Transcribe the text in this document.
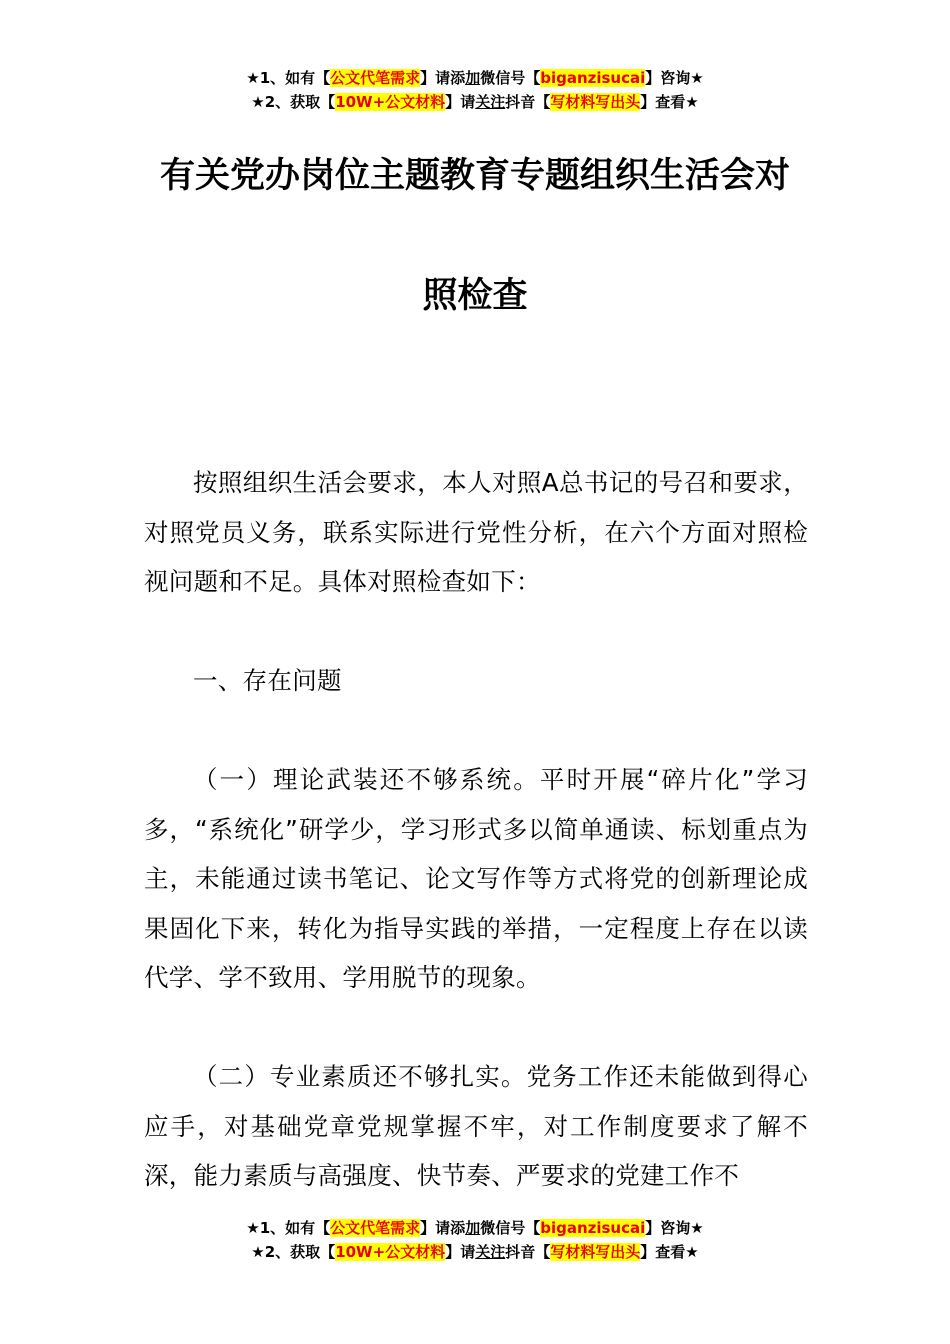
★1、如有【公文代笔需求】请添加微信号【biganzisucai】咨询★
★2、获取【10W+公文材料】请关注抖音【写材料写出头】查看★
有关党办岗位主题教育专题组织生活会对
照检查

按照组织生活会要求，本人对照A总书记的号召和要求，对照党员义务，联系实际进行党性分析，在六个方面对照检视问题和不足。具体对照检查如下：

一、存在问题

（一）理论武装还不够系统。平时开展“碎片化”学习多，“系统化”研学少，学习形式多以简单通读、标划重点为主，未能通过读书笔记、论文写作等方式将党的创新理论成果固化下来，转化为指导实践的举措，一定程度上存在以读代学、学不致用、学用脱节的现象。

（二）专业素质还不够扎实。党务工作还未能做到得心应手，对基础党章党规掌握不牢，对工作制度要求了解不深，能力素质与高强度、快节奏、严要求的党建工作不

★1、如有【公文代笔需求】请添加微信号【biganzisucai】咨询★
★2、获取【10W+公文材料】请关注抖音【写材料写出头】查看★
